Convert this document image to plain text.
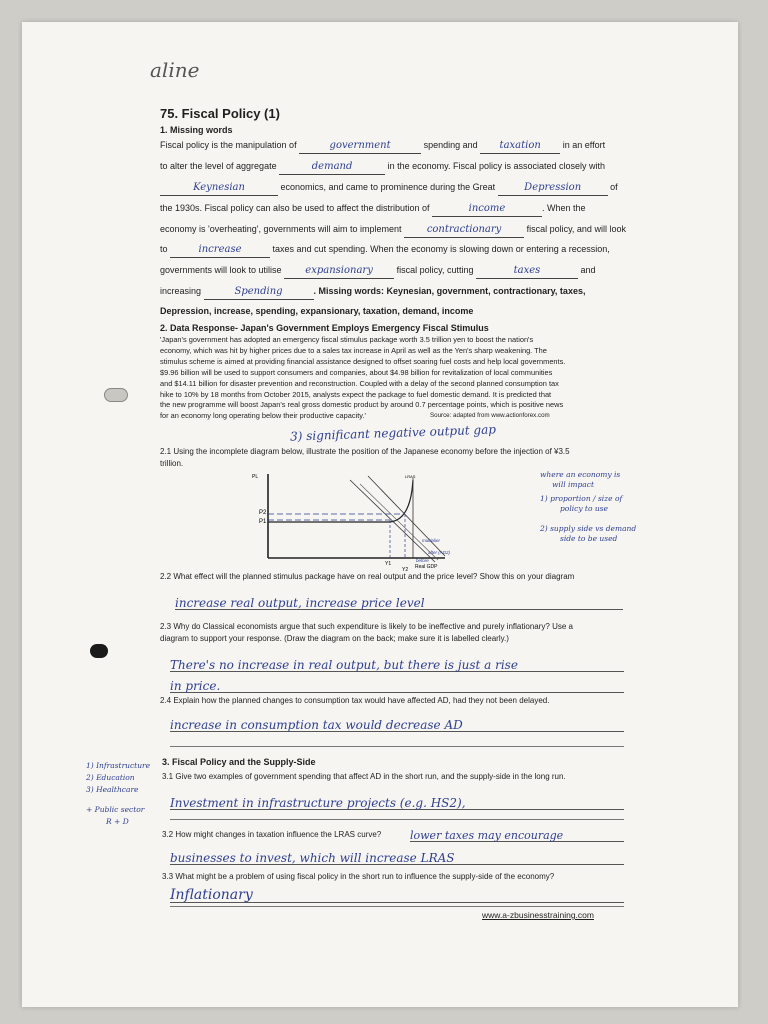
aline
75. Fiscal Policy (1)
1. Missing words
Fiscal policy is the manipulation of	government	spending and taxation in an effort
to alter the level of aggregate	demand	in the economy. Fiscal policy is associated closely with
Keynesian	economics, and came to prominence during the Great	Depression	of
the 1930s. Fiscal policy can also be used to affect the distribution of	income	. When the
economy is 'overheating', governments will aim to implement	contractionary	fiscal policy, and will look
to	increase	taxes and cut spending. When the economy is slowing down or entering a recession,
governments will look to utilise expansionary	fiscal policy, cutting	taxes	and
increasing	Spending	. Missing words: Keynesian, government, contractionary, taxes,
Depression, increase, spending, expansionary, taxation, demand, income
2. Data Response- Japan's Government Employs Emergency Fiscal Stimulus
'Japan's government has adopted an emergency fiscal stimulus package worth 3.5 trillion yen to boost the nation's
economy, which was hit by higher prices due to a sales tax increase in April as well as the Yen's sharp weakening. The
stimulus scheme is aimed at providing financial assistance designed to offset soaring fuel costs and help local governments.
$9.96 billion will be used to support consumers and companies, about $4.98 billion for revitalization of local communities
and $14.11 billion for disaster prevention and reconstruction. Coupled with a delay of the second planned consumption tax
hike to 10% by 18 months from October 2015, analysts expect the package to fuel domestic demand. It is predicted that
the new programme will boost Japan's real gross domestic product by around 0.7 percentage points, which is positive news
for an economy long operating below their productive capacity.'	Source: adapted from www.actionforex.com
3) significant negative output gap
2.1 Using the incomplete diagram below, illustrate the position of the Japanese economy before the injection of ¥3.5
trillion.
PL
Real GDP
LRAS
P2
P1
Y1
Y2
multiplier
after (AD2)
before
where an economy is
will impact
1) proportion / size of
policy to use
2) supply side vs demand
side to be used
2.2 What effect will the planned stimulus package have on real output and the price level? Show this on your diagram
increase real output, increase price level
2.3 Why do Classical economists argue that such expenditure is likely to be ineffective and purely inflationary? Use a
diagram to support your response. (Draw the diagram on the back; make sure it is labelled clearly.)
There's no increase in real output, but there is just a rise
in price.
2.4 Explain how the planned changes to consumption tax would have affected AD, had they not been delayed.
increase in consumption tax would decrease AD
3. Fiscal Policy and the Supply-Side
1) Infrastructure
2) Education
3) Healthcare
+ Public sector
R + D
3.1 Give two examples of government spending that affect AD in the short run, and the supply-side in the long run.
Investment in infrastructure projects (e.g. HS2),
3.2 How might changes in taxation influence the LRAS curve?	lower taxes may encourage
businesses to invest, which will increase LRAS
3.3 What might be a problem of using fiscal policy in the short run to influence the supply-side of the economy?
Inflationary
www.a-zbusinesstraining.com
